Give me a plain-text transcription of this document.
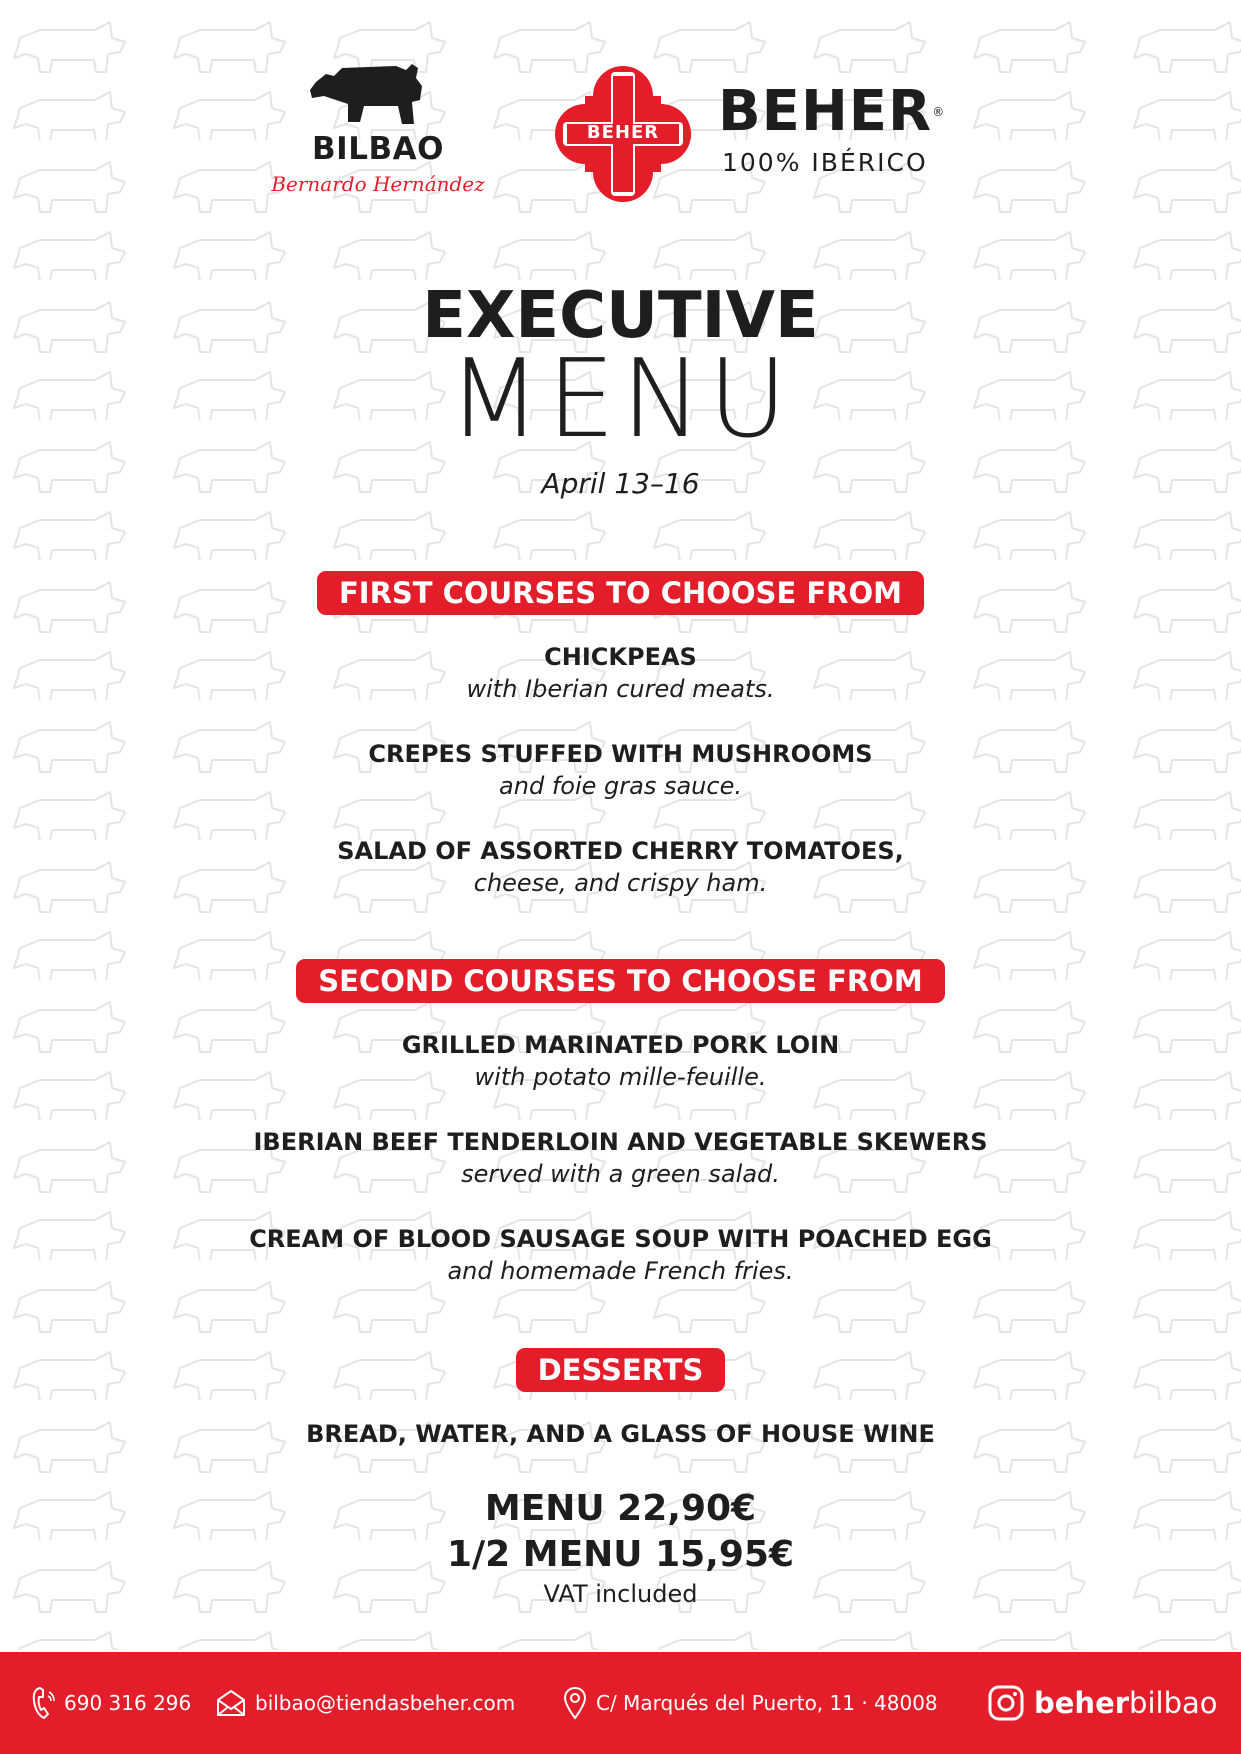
BILBAO
Bernardo Hernández
BEHER	BEHER®
100% IBÉRICO
EXECUTIVE
MENU
April 13–16
FIRST COURSES TO CHOOSE FROM
CHICKPEAS
with Iberian cured meats.
CREPES STUFFED WITH MUSHROOMS
and foie gras sauce.
SALAD OF ASSORTED CHERRY TOMATOES,
cheese, and crispy ham.
SECOND COURSES TO CHOOSE FROM
GRILLED MARINATED PORK LOIN
with potato mille-feuille.
IBERIAN BEEF TENDERLOIN AND VEGETABLE SKEWERS
served with a green salad.
CREAM OF BLOOD SAUSAGE SOUP WITH POACHED EGG
and homemade French fries.
DESSERTS
BREAD, WATER, AND A GLASS OF HOUSE WINE
MENU 22,90€
1/2 MENU 15,95€
VAT included
690 316 296	bilbao@tiendasbeher.com	C/ Marqués del Puerto, 11 · 48008	beherbilbao
